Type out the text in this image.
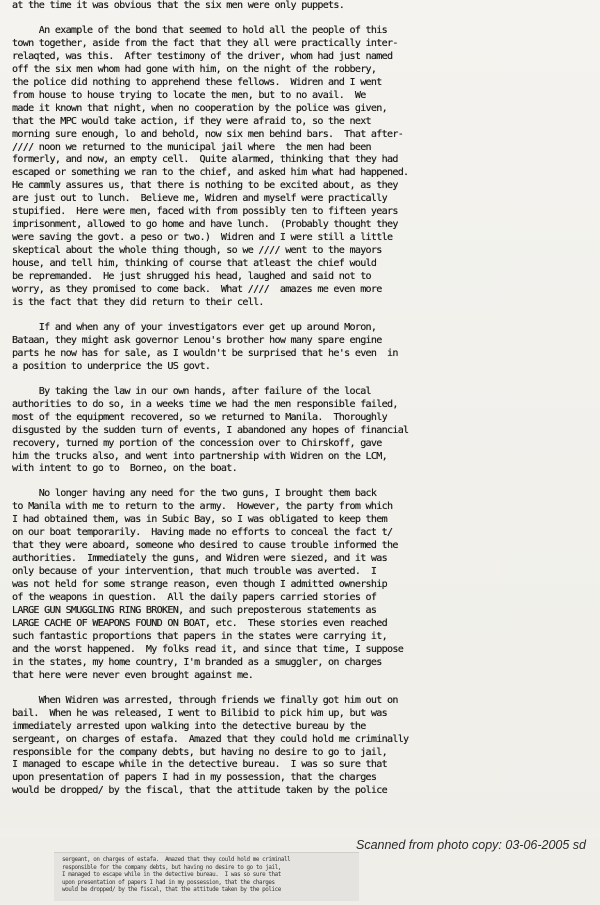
at the time it was obvious that the six men were only puppets.
An example of the bond that seemed to hold all the people of this
town together, aside from the fact that they all were practically inter-
relaqted, was this.  After testimony of the driver, whom had just named
off the six men whom had gone with him, on the night of the robbery,
the police did nothing to apprehend these fellows.  Widren and I went
from house to house trying to locate the men, but to no avail.  We
made it known that night, when no cooperation by the police was given,
that the MPC would take action, if they were afraid to, so the next
morning sure enough, lo and behold, now six men behind bars.  That after-
//// noon we returned to the municipal jail where  the men had been
formerly, and now, an empty cell.  Quite alarmed, thinking that they had
escaped or something we ran to the chief, and asked him what had happened.
He cammly assures us, that there is nothing to be excited about, as they
are just out to lunch.  Believe me, Widren and myself were practically
stupified.  Here were men, faced with from possibly ten to fifteen years
imprisonment, allowed to go home and have lunch.  (Probably thought they
were saving the govt. a peso or two.)  Widren and I were still a little
skeptical about the whole thing though, so we //// went to the mayors
house, and tell him, thinking of course that atleast the chief would
be repremanded.  He just shrugged his head, laughed and said not to
worry, as they promised to come back.  What ////  amazes me even more
is the fact that they did return to their cell.
If and when any of your investigators ever get up around Moron,
Bataan, they might ask governor Lenou's brother how many spare engine
parts he now has for sale, as I wouldn't be surprised that he's even  in
a position to underprice the US govt.
By taking the law in our own hands, after failure of the local
authorities to do so, in a weeks time we had the men responsible failed,
most of the equipment recovered, so we returned to Manila.  Thoroughly
disgusted by the sudden turn of events, I abandoned any hopes of financial
recovery, turned my portion of the concession over to Chirskoff, gave
him the trucks also, and went into partnership with Widren on the LCM,
with intent to go to  Borneo, on the boat.
No longer having any need for the two guns, I brought them back
to Manila with me to return to the army.  However, the party from which
I had obtained them, was in Subic Bay, so I was obligated to keep them
on our boat temporarily.  Having made no efforts to conceal the fact t/
that they were aboard, someone who desired to cause trouble informed the
authorities.  Immediately the guns, and Widren were siezed, and it was
only because of your intervention, that much trouble was averted.  I
was not held for some strange reason, even though I admitted ownership
of the weapons in question.  All the daily papers carried stories of
LARGE GUN SMUGGLING RING BROKEN, and such preposterous statements as
LARGE CACHE OF WEAPONS FOUND ON BOAT, etc.  These stories even reached
such fantastic proportions that papers in the states were carrying it,
and the worst happened.  My folks read it, and since that time, I suppose
in the states, my home country, I'm branded as a smuggler, on charges
that here were never even brought against me.
When Widren was arrested, through friends we finally got him out on
bail.  When he was released, I went to Bilibid to pick him up, but was
immediately arrested upon walking into the detective bureau by the
sergeant, on charges of estafa.  Amazed that they could hold me criminally
responsible for the company debts, but having no desire to go to jail,
I managed to escape while in the detective bureau.  I was so sure that
upon presentation of papers I had in my possession, that the charges
would be dropped/ by the fiscal, that the attitude taken by the police
Scanned from photo copy: 03-06-2005 sd
sergeant, on charges of estafa.  Amazed that they could hold me criminall
responsible for the company debts, but having no desire to go to jail,
I managed to escape while in the detective bureau.  I was so sure that
upon presentation of papers I had in my possession, that the charges
would be dropped/ by the fiscal, that the attitude taken by the police
